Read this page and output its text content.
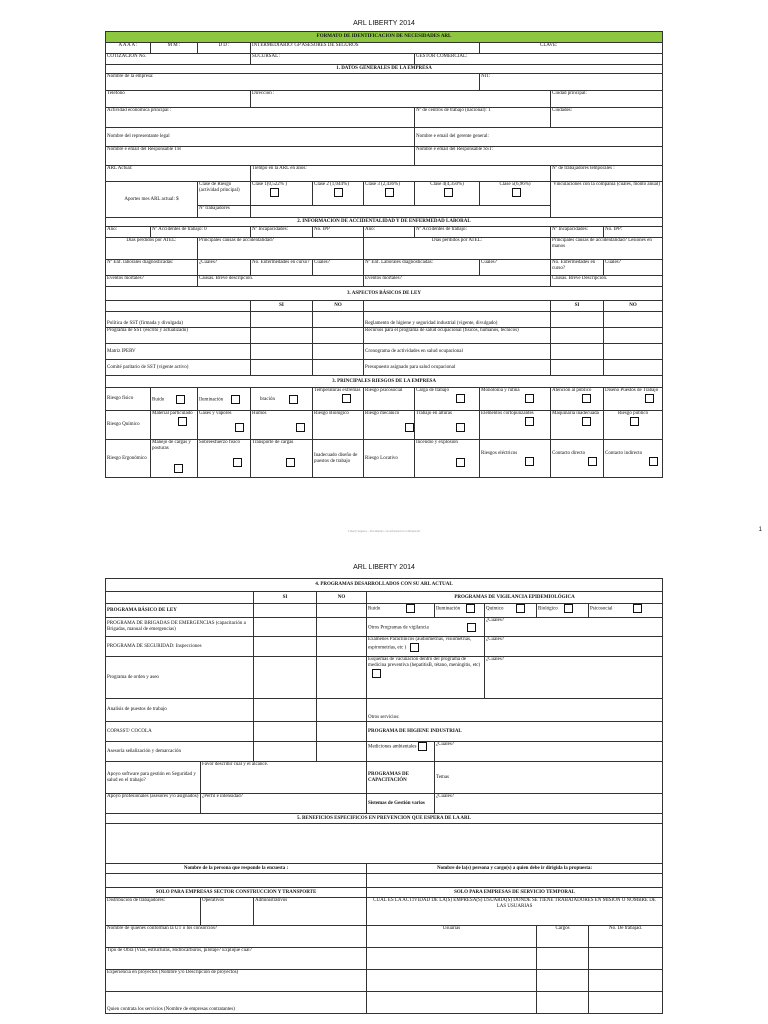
ARL LIBERTY 2014
FORMATO DE IDENTIFICACION DE NECESIDADES ARL									
A A A A :	M M :	D D :	INTERMEDIARIO: GP ASESORES DE SEGUROS				CLAVE:		
COTIZACION No.			SUCURSAL :			GESTOR COMERCIAL:			
1. DATOS GENERALES DE LA EMPRESA									
Nombre de la empresa:							NIT:		
Teléfono			Dirección :					Ciudad principal:	
Actividad económica principal :						Nº de centros de trabajo (nacional): 1		Ciudades:	
Nombre del representante legal						Nombre e email del gerente general:			
Nombre e email del Responsable TH						Nombre e email del Responsable SST:			
ARL Actual:			Tiempo en la ARL en años:					Nº de trabajadores temporales :	
Aportes mes ARL actual: $		Clase de Riesgo (actividad principal)	Clase 1(0,522% )	Clase 2 (1,044%)	Clase 3 (2,436%)	Clase 4(4,350%)	Clase 5(6,96%)	Vinculaciones con la compañía (cuáles, monto anual)	
		Nº trabajadores							
2. INFORMACION DE ACCIDENTALIDAD Y DE ENFERMEDAD LABORAL									
Año:	Nº Accidentes de trabajo: 0		Nº Incapacidades:	No. IPP	Año:	Nº Accidentes de trabajo:		Nº Incapacidades:	No. IPP:
Días perdidos por ATEL:		Principales causas de accidentalidad?			Días perdidos por ATEL:			Principales causas de accidentalidad? Lesiones en manos	
Nº Enf. laborales diagnosticadas:		¿Cuáles?	No. Enfermedades en curso?	Cuáles?	Nº Enf. Laborales diagnosticadas:		Cuáles?	No. Enfermedades en curso?	Cuáles?
Eventos mortales?		Causas. Breve descripción.			Eventos mortales?			Causas. Breve Descripción.	
3. ASPECTOS BÁSICOS DE LEY									
			SI	NO				SI	NO
Política de SST (firmada y divulgada)					Reglamento de higiene y seguridad industrial (vigente, divulgado)				
Programa de SST (escrito y actualizado)					Recursos para el programa de salud ocupacional (físicos, humanos, técnicos)				
Matriz IPERV					Cronograma de actividades en salud ocupacional				
Comité paritario de SST (vigente activo)					Presupuesto asignado para salud ocupacional				
3. PRINCIPALES RIESGOS DE LA EMPRESA									
Riesgo físico	Ruido	Iluminación	bración	Temperaturas extremas	Riesgo psicosocial	Carga de trabajo	Monotonía y rutina	Atención al público	Diseño Puestos de Trabajo

Riesgo Químico	Material particulado	Gases y vapores	Humos	Riesgo Biológico	Riesgo mecánico	Trabajo en alturas	Elementos cortopunzantes	Maquinaria inadecuada	Riesgo público

Riesgo Ergonómico	Manejo de cargas y posturas	Sobreesfuerzo físico	Transporte de cargas	Inadecuado diseño de puestos de trabajo	Riesgo Locativo	Incendio y explosión	Riesgos eléctricos	Contacto directo	Contacto indirecto

Liberty Seguros - Documento con información confidencial	1
ARL LIBERTY 2014
4. PROGRAMAS DESARROLLADOS CON SU ARL ACTUAL								
		SI	NO	PROGRAMAS DE VIGILANCIA EPIDEMIOLÓGICA				
PROGRAMA BÁSICO DE LEY				Ruido	Iluminación	Químico	Biológico	Psicosocial
PROGRAMA DE BRIGADAS DE EMERGENCIAS (capacitación a Brigadas, manual de emergencias)				Otros Programas de vigilancia		¿Cuáles?		
PROGRAMA DE SEGURIDAD: Inspecciones				Examenes Paraclínicos (audiometrías, visiometrías, espirometrías, etc )		¿Cuáles?		
Programa de orden y aseo				Esquemas de vacunación dentro del programa de medicina preventiva (hepatitisB, tétano, meningitis, etc)		¿Cuáles?		
Analisis de puestos de trabajo				Otros servicios:				
COPASST/ COCOLA				PROGRAMA DE HIGIENE INDUSTRIAL				
Asesoría señalización y demarcación				Mediciones ambientales	¿Cuáles?			
Apoyo software para gestión en Seguridad y salud en el trabajo?	Favor describir cual y el alcance.			PROGRAMAS DE CAPACITACIÓN	Temas			
Apoyo profesionales (asesores y/o asignados)	¿Perfil e intensidad?			Sistemas de Gestión varios	¿Cuáles?			
5. BENEFICIOS ESPECIFICOS EN PREVENCION QUE ESPERA DE LA ARL								

Nombre de la persona que responde la encuesta :				Nombre de la(s) persona y cargo(s) a quien debe ir dirigida la propuesta:				

SOLO PARA EMPRESAS SECTOR CONSTRUCCION Y TRANSPORTE				SOLO PARA EMPRESAS DE SERVICIO TEMPORAL				
Distribución de trabajadores:	Operativos	Administrativos		CUAL ES LA ACTIVIDAD DE LA(S) EMPRESA(S) USUARIA(S) DONDE SE TIENE TRABAJADORES EN MISIÓN O NOMBRE DE LAS USUARIAS				
Nombre de quienes conforman la UT o los consorcios?				Usuarias			Cargos	No. De trabajad.
Tipo de Obra (Vías, estructuras, Hidrocarburos, pilotaje? Explique cual?								
Experiencia en proyectos (Nombre y/o Descripción de proyectos)								
Quien contrata los servicios (Nombre de empresas contratantes)								
